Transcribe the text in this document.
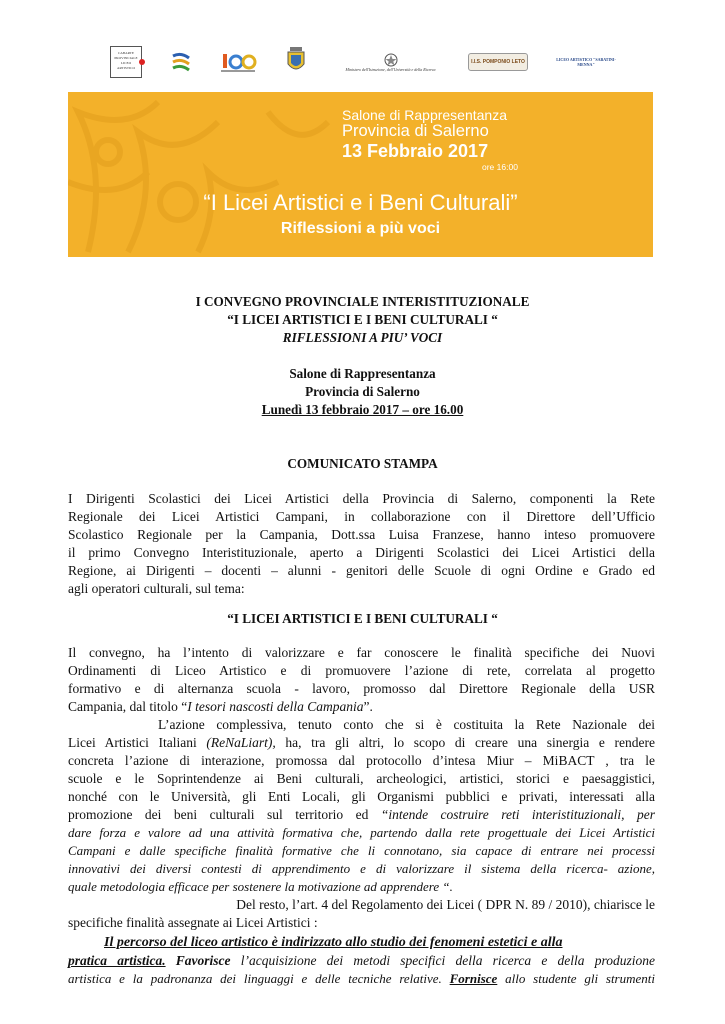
CABARTE PROVINCIALE LICEO ARTISTICO	Ministero dell'Istruzione, dell'Università e della Ricerca
I.I.S. POMPONIO LETO	LICEO ARTISTICO "SABATINI-MENNA"
Salone di Rappresentanza
Provincia di Salerno
13 Febbraio 2017
ore 16:00
“I Licei Artistici e i Beni Culturali”
Riflessioni a più voci
I CONVEGNO PROVINCIALE INTERISTITUZIONALE
“I LICEI ARTISTICI E I BENI CULTURALI “
RIFLESSIONI A PIU’ VOCI
Salone di Rappresentanza
Provincia di Salerno
Lunedì 13 febbraio 2017 – ore 16.00
COMUNICATO STAMPA
I Dirigenti Scolastici dei Licei Artistici della Provincia di Salerno, componenti la Rete
Regionale dei Licei Artistici Campani, in collaborazione con il Direttore dell’Ufficio
Scolastico Regionale per la Campania, Dott.ssa Luisa Franzese, hanno inteso promuovere
il primo Convegno Interistituzionale, aperto a Dirigenti Scolastici dei Licei Artistici della
Regione, ai Dirigenti – docenti – alunni - genitori delle Scuole di ogni Ordine e Grado ed
agli operatori culturali, sul tema:
“I LICEI ARTISTICI E I BENI CULTURALI “
Il convegno, ha l’intento di valorizzare e far conoscere le finalità specifiche dei Nuovi
Ordinamenti di Liceo Artistico e di promuovere l’azione di rete, correlata al progetto
formativo e di alternanza scuola - lavoro, promosso dal Direttore Regionale della USR
Campania, dal titolo “I tesori nascosti della Campania”.
L’azione complessiva, tenuto conto che si è costituita la Rete Nazionale dei
Licei Artistici Italiani (ReNaLiart), ha, tra gli altri, lo scopo di creare una sinergia e rendere
concreta l’azione di interazione, promossa dal protocollo d’intesa Miur – MiBACT , tra le
scuole e le Soprintendenze ai Beni culturali, archeologici, artistici, storici e paesaggistici,
nonché con le Università, gli Enti Locali, gli Organismi pubblici e privati, interessati alla
promozione dei beni culturali sul territorio ed “intende costruire reti interistituzionali, per
dare forza e valore ad una attività formativa che, partendo dalla rete progettuale dei Licei Artistici
Campani e dalle specifiche finalità formative che li connotano, sia capace di entrare nei processi
innovativi dei diversi contesti di apprendimento e di valorizzare il sistema della ricerca- azione,
quale metodologia efficace per sostenere la motivazione ad apprendere “.
Del resto, l’art. 4 del Regolamento dei Licei ( DPR N. 89 / 2010), chiarisce le
specifiche finalità assegnate ai Licei Artistici :
Il percorso del liceo artistico è indirizzato allo studio dei fenomeni estetici e alla
pratica artistica. Favorisce l’acquisizione dei metodi specifici della ricerca e della produzione
artistica e la padronanza dei linguaggi e delle tecniche relative. Fornisce allo studente gli strumenti
